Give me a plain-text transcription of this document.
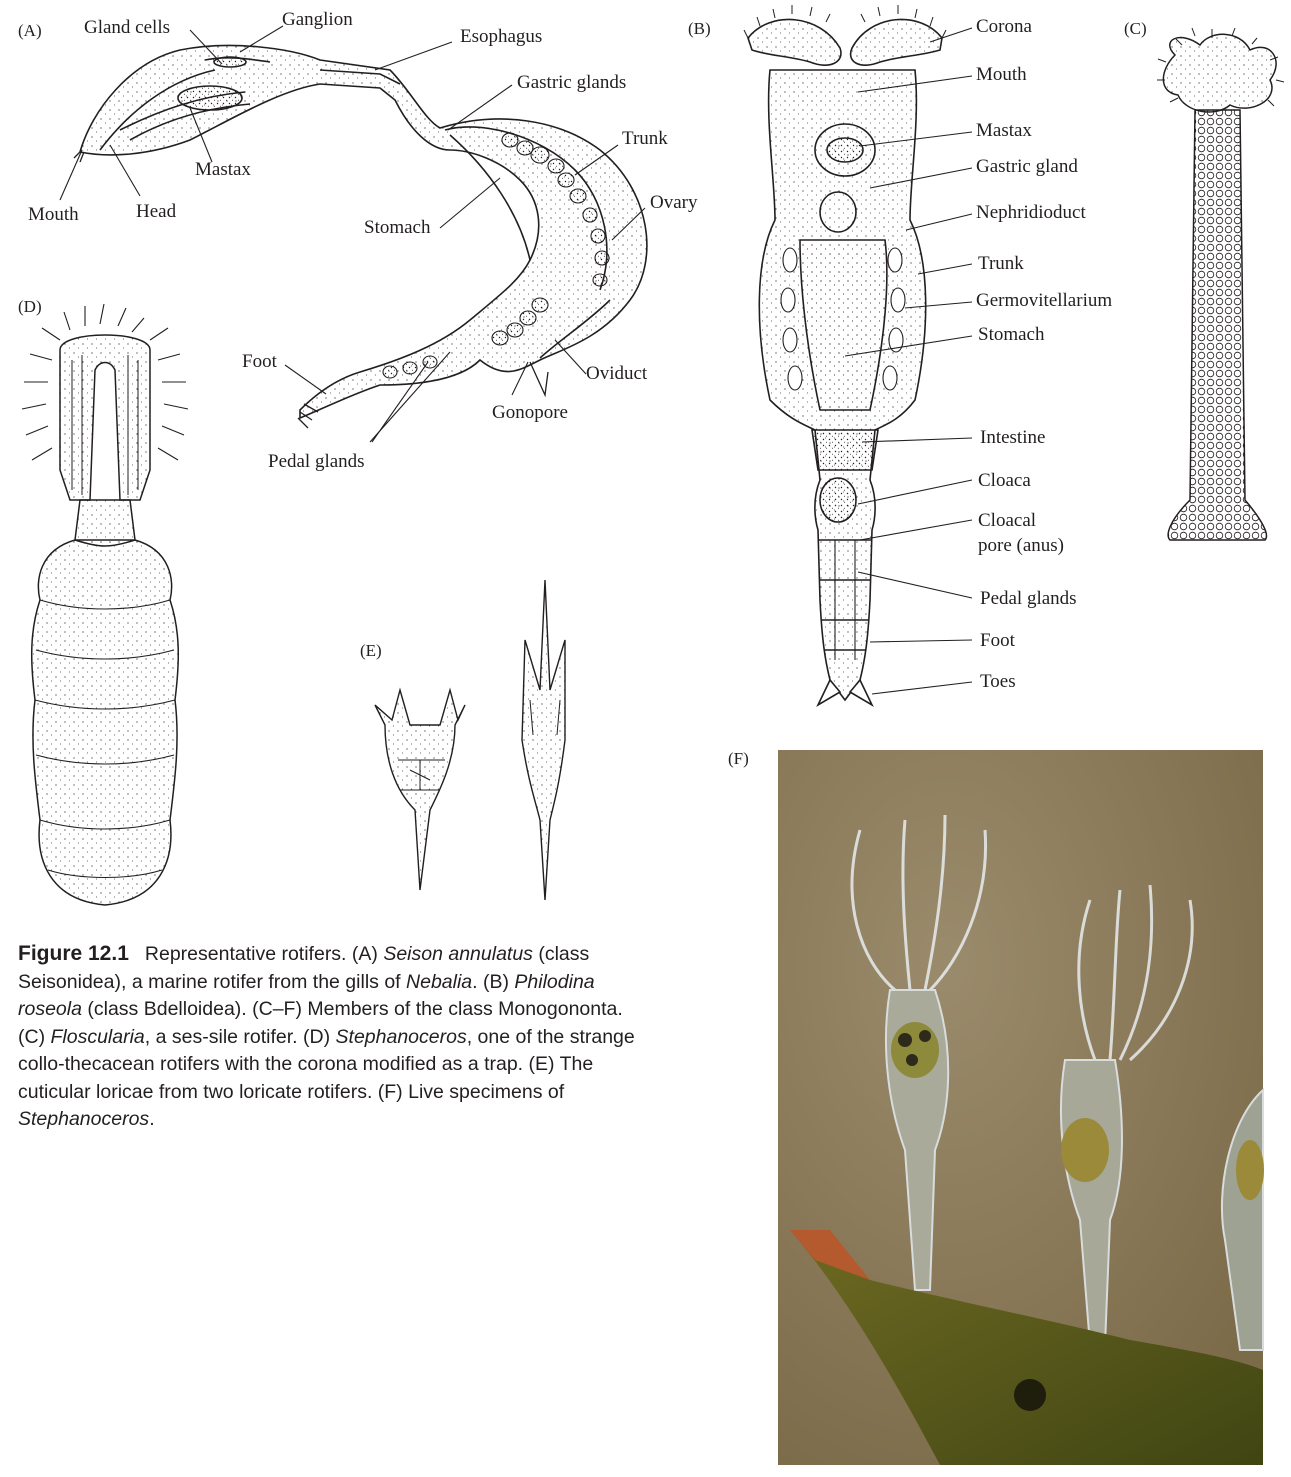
(A)	(B)	(C)
(D)
(E)
(F)
Gland cells	Ganglion
Esophagus
Gastric glands
Trunk
Ovary
Mastax
Mouth	Head
Stomach
Foot
Oviduct
Gonopore
Pedal glands
Corona
Mouth
Mastax
Gastric gland
Nephridioduct
Trunk
Germovitellarium
Stomach
Intestine
Cloaca
Cloacal
pore (anus)
Pedal glands
Foot
Toes
Figure 12.1 Representative rotifers. (A) Seison annulatus (class Seisonidea), a marine rotifer from the gills of Nebalia. (B) Philodina roseola (class Bdelloidea). (C–F) Members of the class Monogononta. (C) Floscularia, a ses-sile rotifer. (D) Stephanoceros, one of the strange collo-thecacean rotifers with the corona modified as a trap. (E) The cuticular loricae from two loricate rotifers. (F) Live specimens of Stephanoceros.
